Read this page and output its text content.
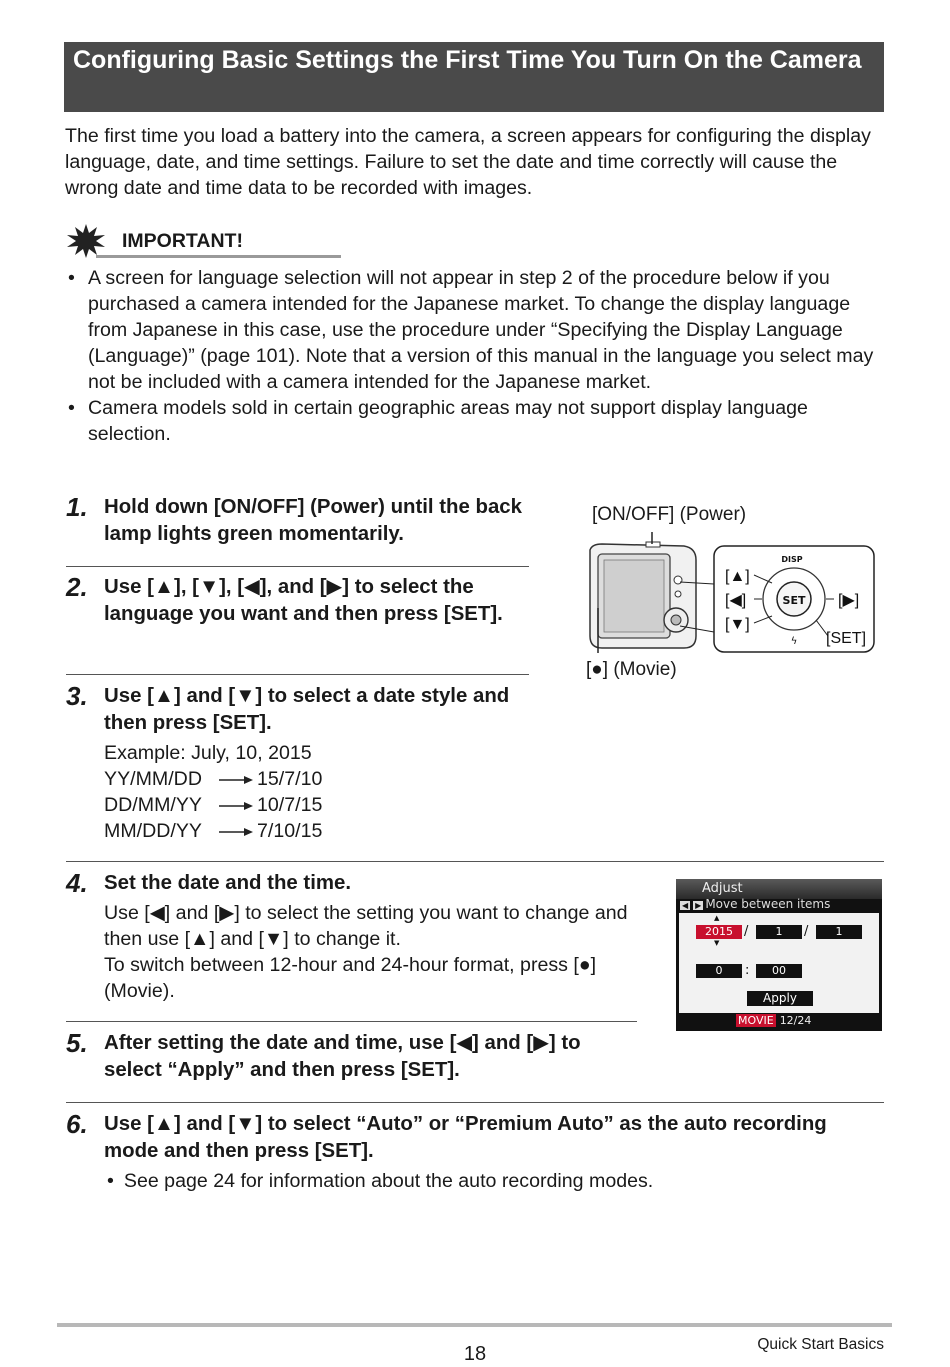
Configuring Basic Settings the First Time You Turn On the Camera
The first time you load a battery into the camera, a screen appears for configuring the display language, date, and time settings. Failure to set the date and time correctly will cause the wrong date and time data to be recorded with images.
IMPORTANT!
• A screen for language selection will not appear in step 2 of the procedure below if you purchased a camera intended for the Japanese market. To change the display language from Japanese in this case, use the procedure under “Specifying the Display Language (Language)” (page 101). Note that a version of this manual in the language you select may not be included with a camera intended for the Japanese market.
• Camera models sold in certain geographic areas may not support display language selection.
1. Hold down [ON/OFF] (Power) until the back lamp lights green momentarily.
2. Use [▲], [▼], [◀], and [▶] to select the language you want and then press [SET].
3. Use [▲] and [▼] to select a date style and then press [SET].
Example: July, 10, 2015
YY/MM/DD	15/7/10
DD/MM/YY	10/7/15
MM/DD/YY	7/10/15
[ON/OFF] (Power)
DISP
SET
ϟ
[▲]
[◀]
[▼]
[▶]
[SET]
[●] (Movie)
4. Set the date and the time.
Use [◀] and [▶] to select the setting you want to change and then use [▲] and [▼] to change it.
To switch between 12-hour and 24-hour format, press [●] (Movie).
Adjust
◀ ▶ Move between items
▲
2015
▼
/	1	/	1
0	:	00
Apply
MOVIE 12/24
5. After setting the date and time, use [◀] and [▶] to select “Apply” and then press [SET].
6. Use [▲] and [▼] to select “Auto” or “Premium Auto” as the auto recording mode and then press [SET].
• See page 24 for information about the auto recording modes.
18	Quick Start Basics
